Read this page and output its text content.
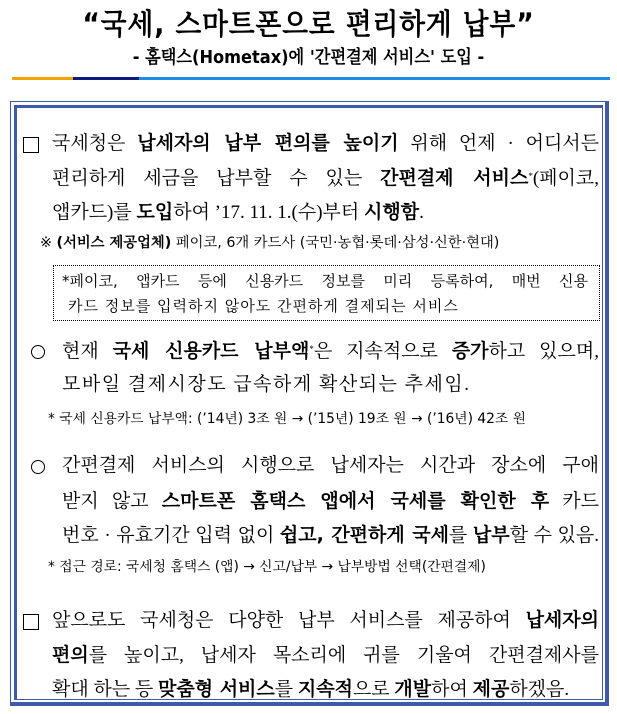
“국세, 스마트폰으로 편리하게 납부”
- 홈택스(Hometax)에 '간편결제 서비스' 도입 -
국세청은 납세자의 납부 편의를 높이기 위해 언제 · 어디서든
편리하게 세금을 납부할 수 있는 간편결제 서비스*(페이코,
앱카드)를 도입하여 ’17. 11. 1.(수)부터 시행함.
※ (서비스 제공업체) 페이코, 6개 카드사 (국민·농협·롯데·삼성·신한·현대)
*페이코, 앱카드 등에 신용카드 정보를 미리 등록하여, 매번 신용
카드 정보를 입력하지 않아도 간편하게 결제되는 서비스
현재 국세 신용카드 납부액*은 지속적으로 증가하고 있으며,
모바일 결제시장도 급속하게 확산되는 추세임.
* 국세 신용카드 납부액: (’14년) 3조 원 → (’15년) 19조 원 → (’16년) 42조 원
간편결제 서비스의 시행으로 납세자는 시간과 장소에 구애
받지 않고 스마트폰 홈택스 앱에서 국세를 확인한 후 카드
번호 · 유효기간 입력 없이 쉽고, 간편하게 국세를 납부할 수 있음.
* 접근 경로: 국세청 홈택스 (앱) → 신고/납부 → 납부방법 선택(간편결제)
앞으로도 국세청은 다양한 납부 서비스를 제공하여 납세자의
편의를 높이고, 납세자 목소리에 귀를 기울여 간편결제사를
확대 하는 등 맞춤형 서비스를 지속적으로 개발하여 제공하겠음.
